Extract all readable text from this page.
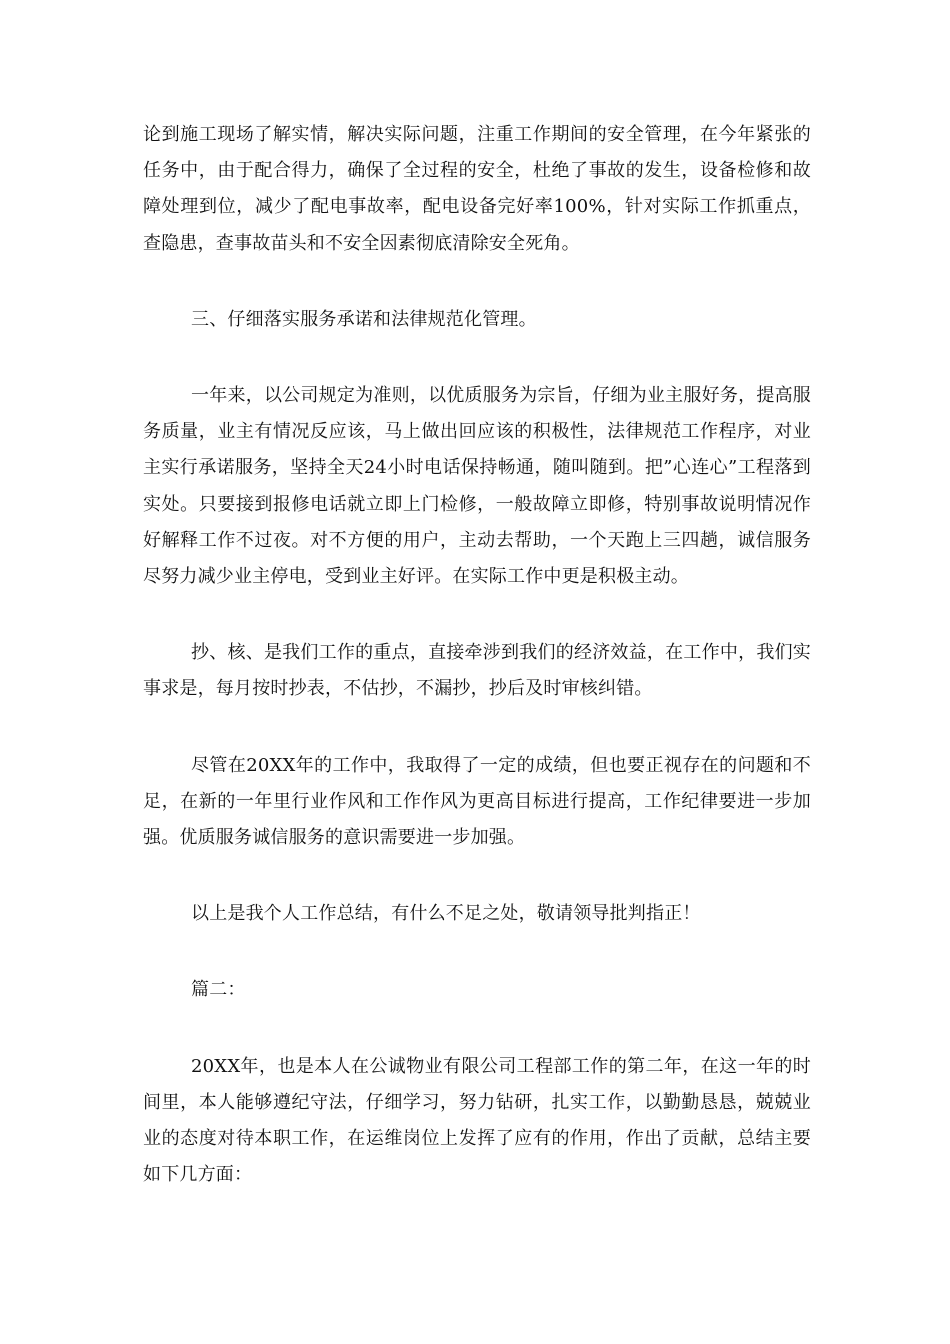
论到施工现场了解实情，解决实际问题，注重工作期间的安全管理，在今年紧张的任务中，由于配合得力，确保了全过程的安全，杜绝了事故的发生，设备检修和故障处理到位，减少了配电事故率，配电设备完好率100%，针对实际工作抓重点，查隐患，查事故苗头和不安全因素彻底清除安全死角。

三、仔细落实服务承诺和法律规范化管理。

一年来，以公司规定为准则，以优质服务为宗旨，仔细为业主服好务，提高服务质量，业主有情况反应该，马上做出回应该的积极性，法律规范工作程序，对业主实行承诺服务，坚持全天24小时电话保持畅通，随叫随到。把”心连心”工程落到实处。只要接到报修电话就立即上门检修，一般故障立即修，特别事故说明情况作好解释工作不过夜。对不方便的用户，主动去帮助，一个天跑上三四趟，诚信服务尽努力减少业主停电，受到业主好评。在实际工作中更是积极主动。

抄、核、是我们工作的重点，直接牵涉到我们的经济效益，在工作中，我们实事求是，每月按时抄表，不估抄，不漏抄，抄后及时审核纠错。

尽管在20XX年的工作中，我取得了一定的成绩，但也要正视存在的问题和不足，在新的一年里行业作风和工作作风为更高目标进行提高，工作纪律要进一步加强。优质服务诚信服务的意识需要进一步加强。

以上是我个人工作总结，有什么不足之处，敬请领导批判指正！

篇二：

20XX年，也是本人在公诚物业有限公司工程部工作的第二年，在这一年的时间里，本人能够遵纪守法，仔细学习，努力钻研，扎实工作，以勤勤恳恳，兢兢业业的态度对待本职工作，在运维岗位上发挥了应有的作用，作出了贡献，总结主要如下几方面：
